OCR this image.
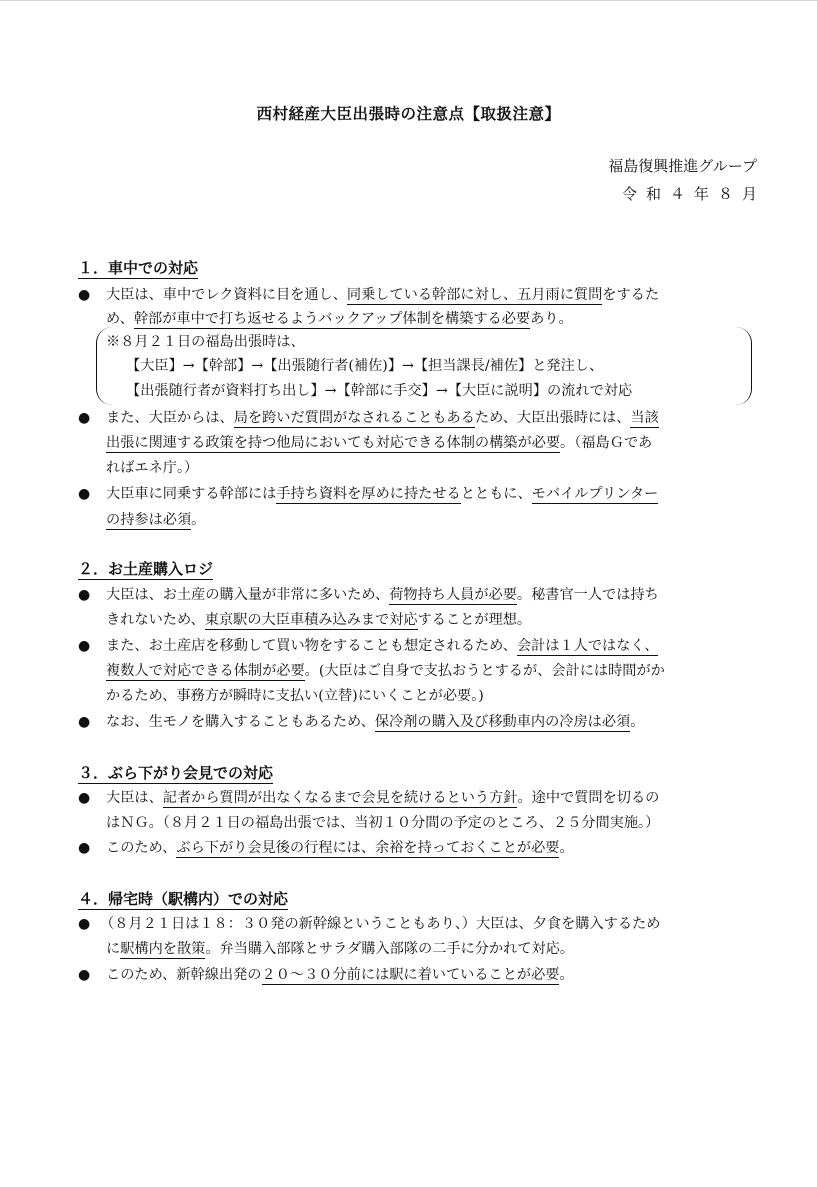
西村経産大臣出張時の注意点【取扱注意】
福島復興推進グループ
令和４年８月
１．車中での対応
● 大臣は、車中でレク資料に目を通し、同乗している幹部に対し、五月雨に質問をするた
め、幹部が車中で打ち返せるようバックアップ体制を構築する必要あり。
※８月２１日の福島出張時は、
【大臣】→【幹部】→【出張随行者(補佐)】→【担当課長/補佐】と発注し、
【出張随行者が資料打ち出し】→【幹部に手交】→【大臣に説明】の流れで対応
● また、大臣からは、局を跨いだ質問がなされることもあるため、大臣出張時には、当該
出張に関連する政策を持つ他局においても対応できる体制の構築が必要。（福島Ｇであ
ればエネ庁。）
● 大臣車に同乗する幹部には手持ち資料を厚めに持たせるとともに、モバイルプリンター
の持参は必須。
２．お土産購入ロジ
● 大臣は、お土産の購入量が非常に多いため、荷物持ち人員が必要。秘書官一人では持ち
きれないため、東京駅の大臣車積み込みまで対応することが理想。
● また、お土産店を移動して買い物をすることも想定されるため、会計は１人ではなく、
複数人で対応できる体制が必要。(大臣はご自身で支払おうとするが、会計には時間がか
かるため、事務方が瞬時に支払い(立替)にいくことが必要。)
● なお、生モノを購入することもあるため、保冷剤の購入及び移動車内の冷房は必須。
３．ぶら下がり会見での対応
● 大臣は、記者から質問が出なくなるまで会見を続けるという方針。途中で質問を切るの
はＮＧ。（８月２１日の福島出張では、当初１０分間の予定のところ、２５分間実施。）
● このため、ぶら下がり会見後の行程には、余裕を持っておくことが必要。
４．帰宅時（駅構内）での対応
● （８月２１日は１８：３０発の新幹線ということもあり、）大臣は、夕食を購入するため
に駅構内を散策。弁当購入部隊とサラダ購入部隊の二手に分かれて対応。
● このため、新幹線出発の２０～３０分前には駅に着いていることが必要。
